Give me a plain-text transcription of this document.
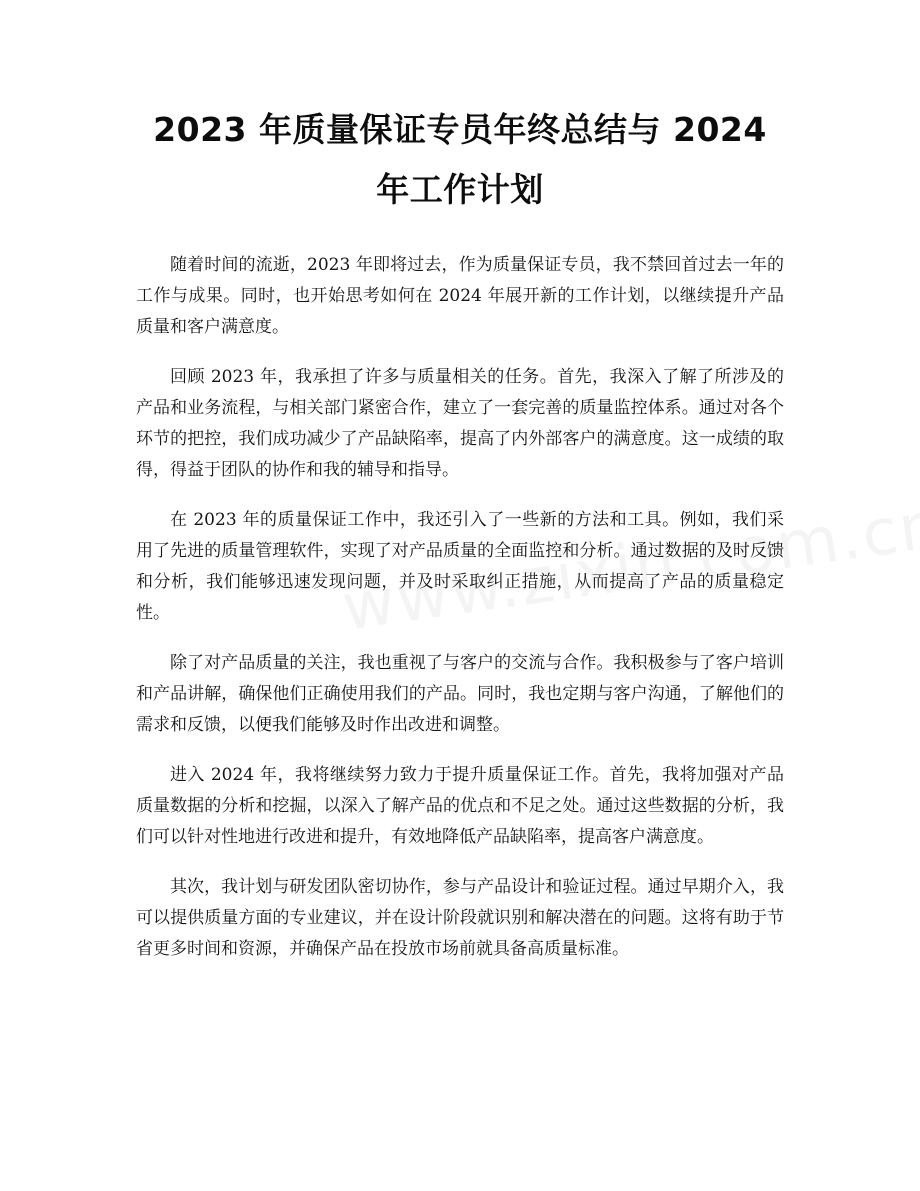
2023 年质量保证专员年终总结与 2024 年工作计划

随着时间的流逝，2023 年即将过去，作为质量保证专员，我不禁回首过去一年的工作与成果。同时，也开始思考如何在 2024 年展开新的工作计划，以继续提升产品质量和客户满意度。

回顾 2023 年，我承担了许多与质量相关的任务。首先，我深入了解了所涉及的产品和业务流程，与相关部门紧密合作，建立了一套完善的质量监控体系。通过对各个环节的把控，我们成功减少了产品缺陷率，提高了内外部客户的满意度。这一成绩的取得，得益于团队的协作和我的辅导和指导。

在 2023 年的质量保证工作中，我还引入了一些新的方法和工具。例如，我们采用了先进的质量管理软件，实现了对产品质量的全面监控和分析。通过数据的及时反馈和分析，我们能够迅速发现问题，并及时采取纠正措施，从而提高了产品的质量稳定性。

除了对产品质量的关注，我也重视了与客户的交流与合作。我积极参与了客户培训和产品讲解，确保他们正确使用我们的产品。同时，我也定期与客户沟通，了解他们的需求和反馈，以便我们能够及时作出改进和调整。

进入 2024 年，我将继续努力致力于提升质量保证工作。首先，我将加强对产品质量数据的分析和挖掘，以深入了解产品的优点和不足之处。通过这些数据的分析，我们可以针对性地进行改进和提升，有效地降低产品缺陷率，提高客户满意度。

其次，我计划与研发团队密切协作，参与产品设计和验证过程。通过早期介入，我可以提供质量方面的专业建议，并在设计阶段就识别和解决潜在的问题。这将有助于节省更多时间和资源，并确保产品在投放市场前就具备高质量标准。
